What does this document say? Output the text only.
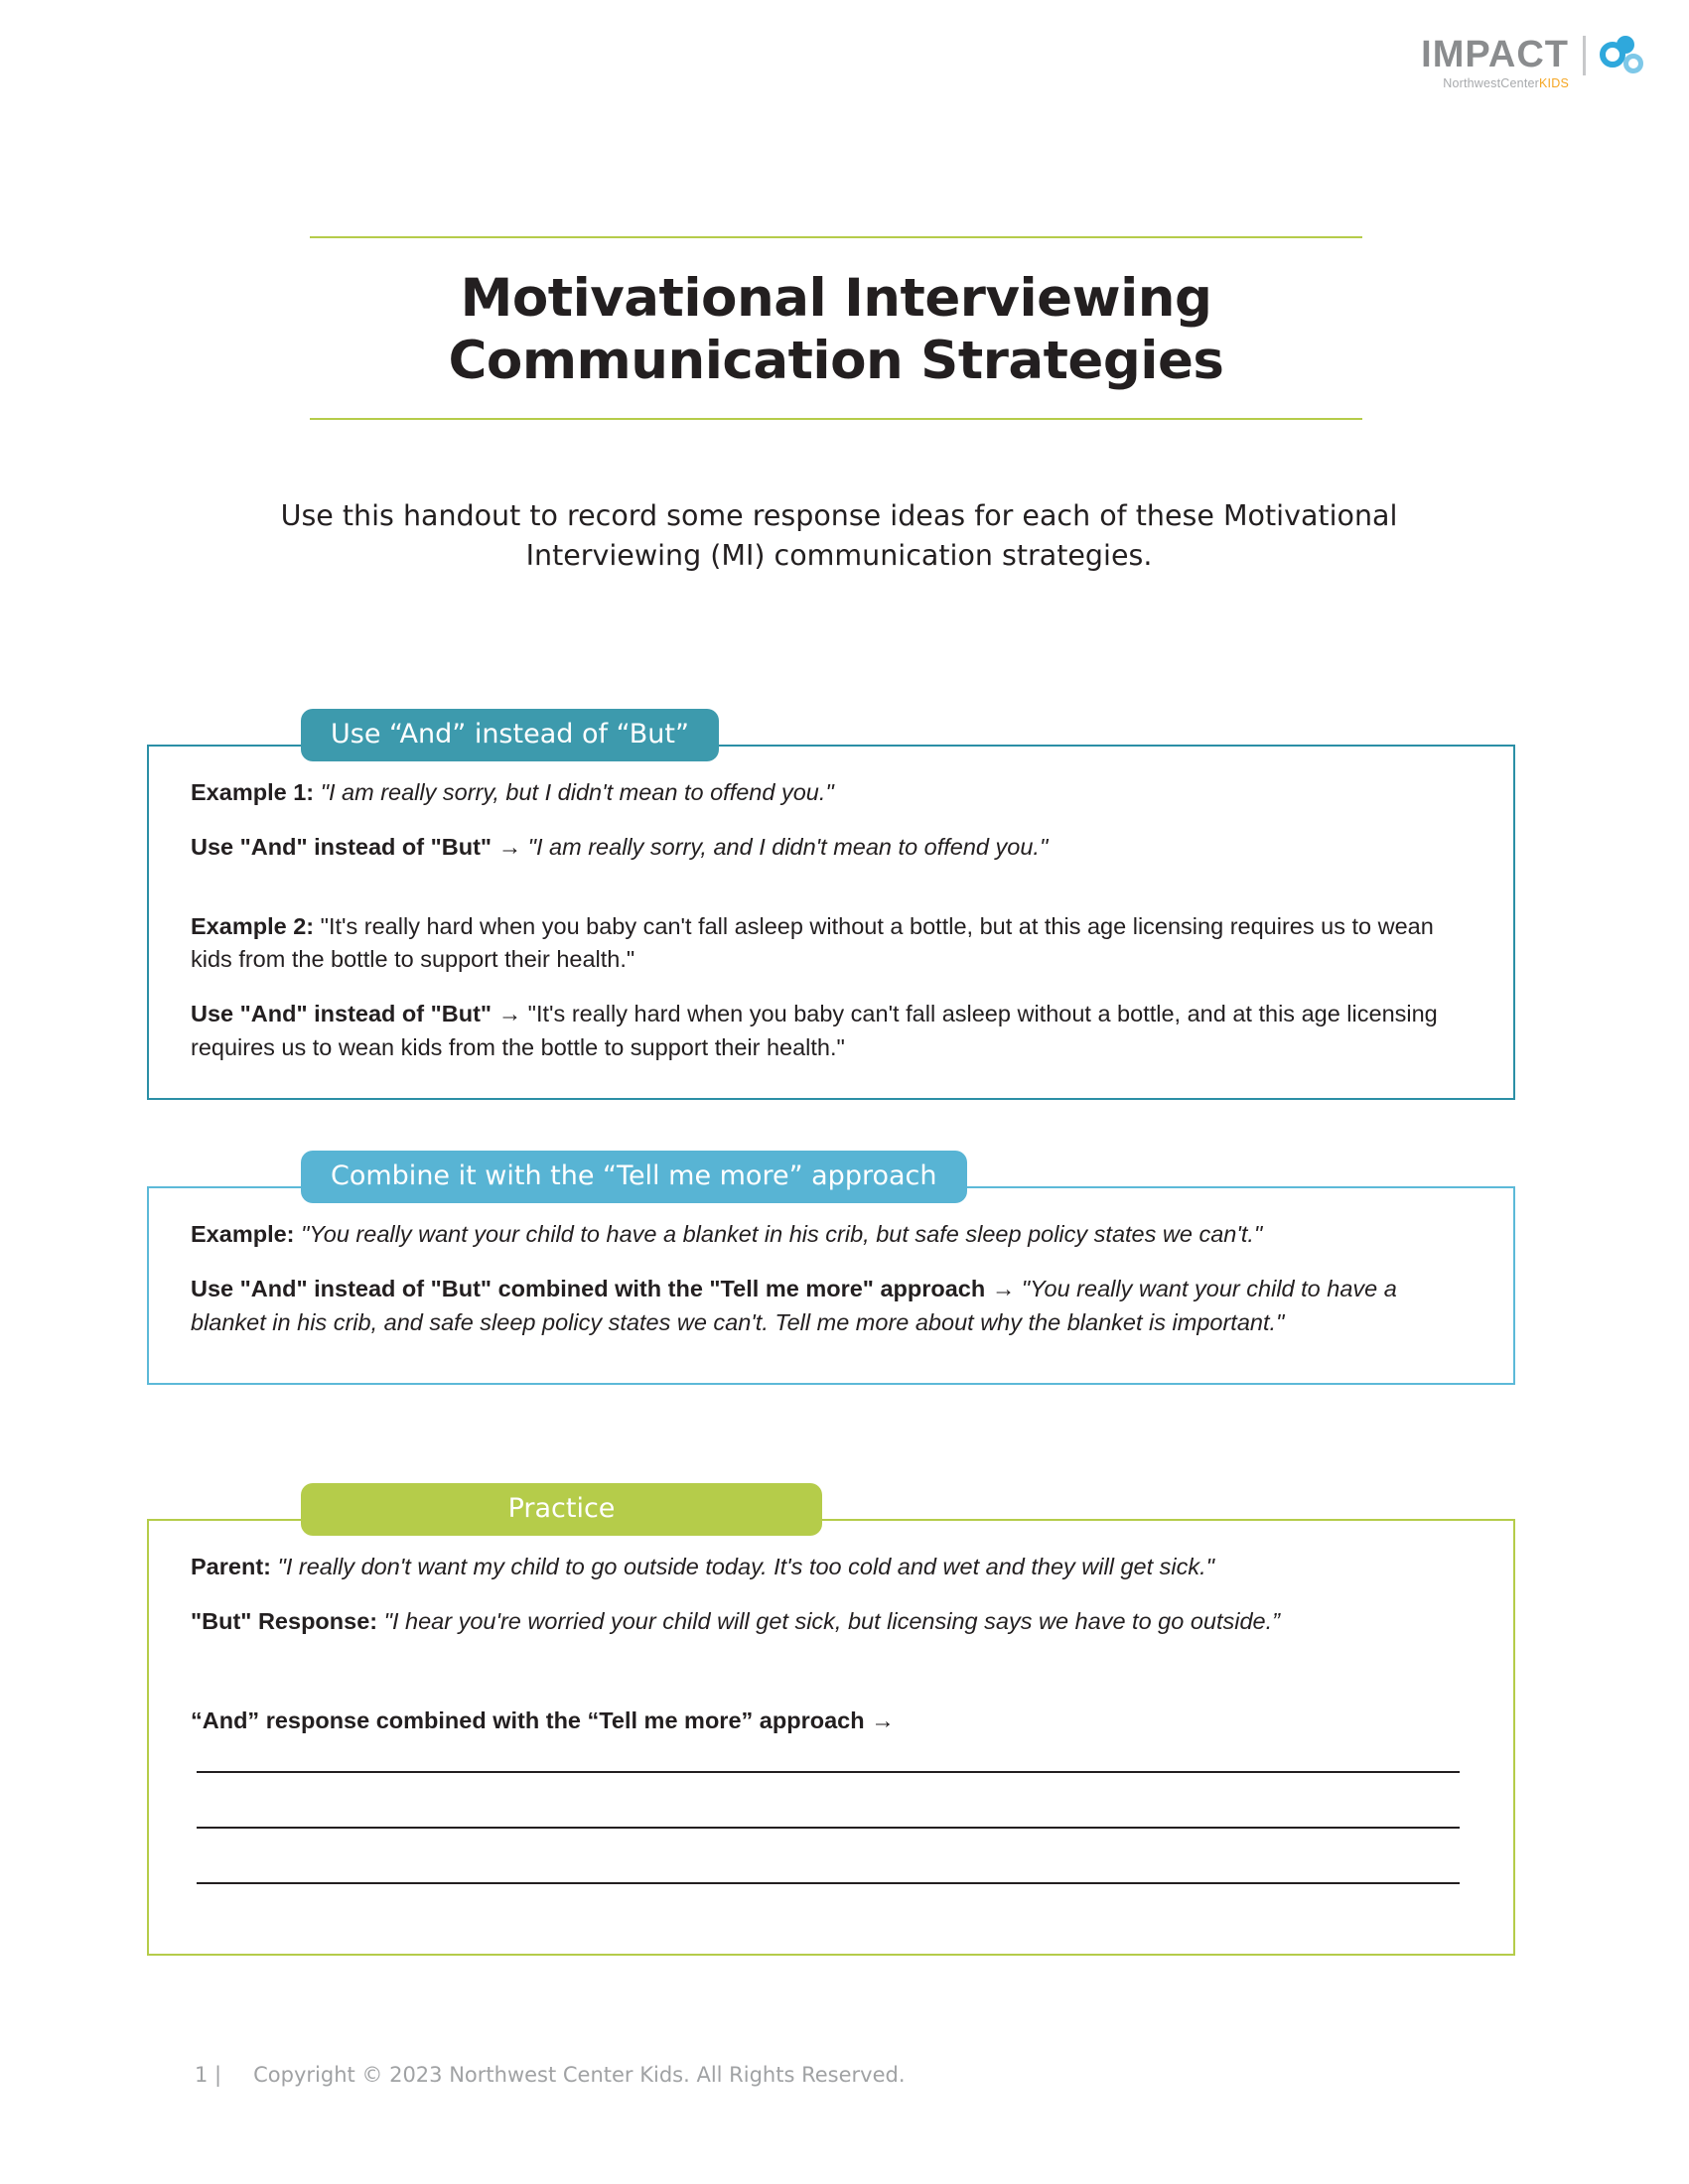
IMPACT
NorthwestCenterKIDS
Motivational Interviewing
Communication Strategies
Use this handout to record some response ideas for each of these Motivational Interviewing (MI) communication strategies.
Use “And” instead of “But”

Example 1: "I am really sorry, but I didn't mean to offend you."

Use "And" instead of "But" → "I am really sorry, and I didn't mean to offend you."

Example 2: "It's really hard when you baby can't fall asleep without a bottle, but at this age licensing requires us to wean kids from the bottle to support their health."

Use "And" instead of "But" → "It's really hard when you baby can't fall asleep without a bottle, and at this age licensing requires us to wean kids from the bottle to support their health."

Combine it with the “Tell me more” approach

Example: "You really want your child to have a blanket in his crib, but safe sleep policy states we can't."

Use "And" instead of "But" combined with the "Tell me more" approach → "You really want your child to have a blanket in his crib, and safe sleep policy states we can't. Tell me more about why the blanket is important."

Practice

Parent: "I really don't want my child to go outside today. It's too cold and wet and they will get sick."

"But" Response: "I hear you're worried your child will get sick, but licensing says we have to go outside.”

“And” response combined with the “Tell me more” approach →

1 | Copyright © 2023 Northwest Center Kids. All Rights Reserved.
